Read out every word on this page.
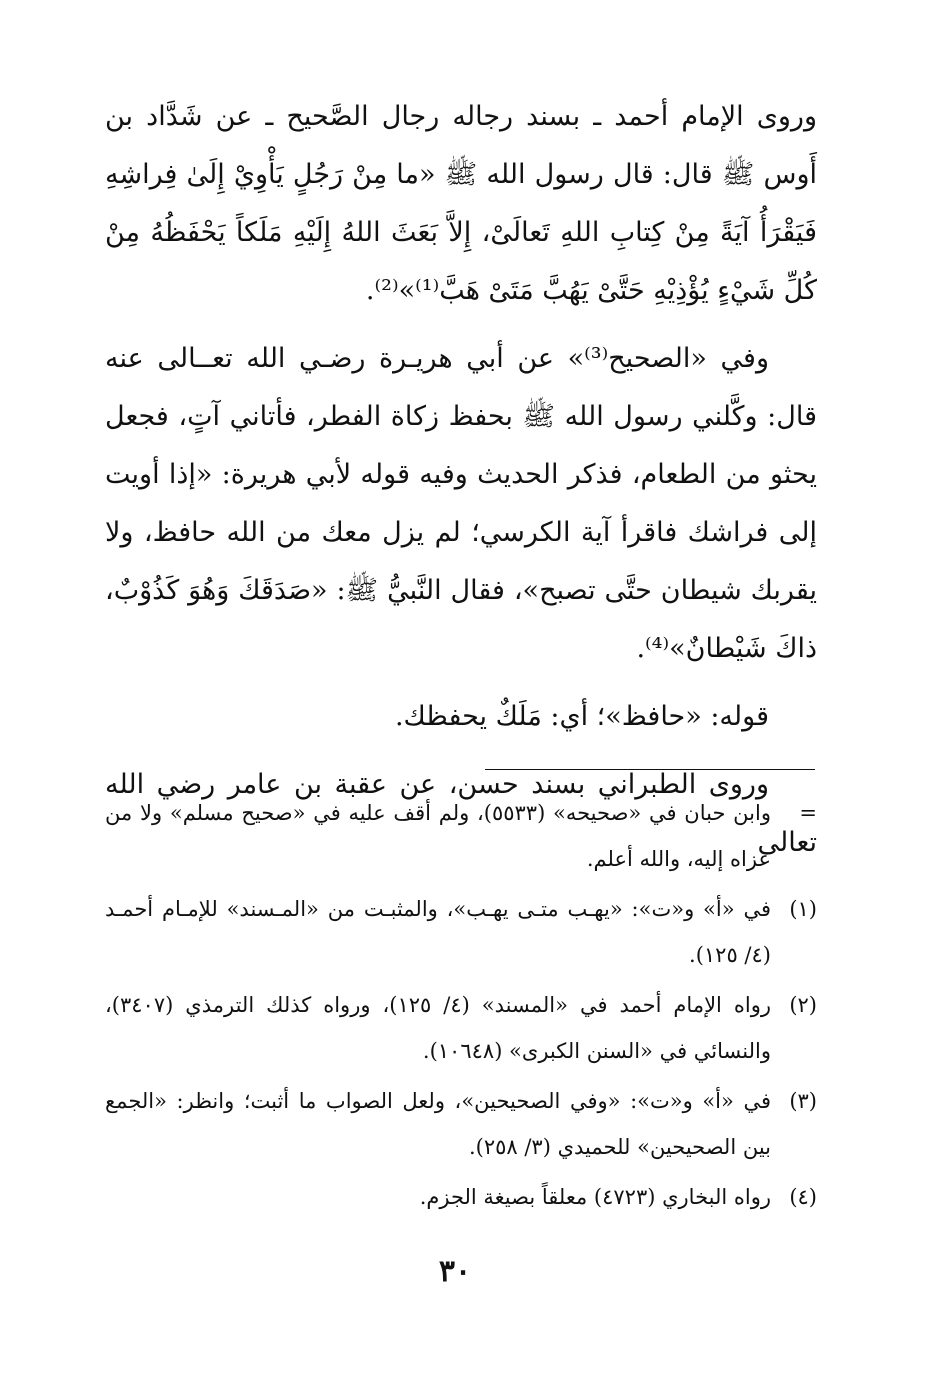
وروى الإمام أحمد ـ بسند رجاله رجال الصَّحيح ـ عن شَدَّاد بن أَوس ﷺ قال: قال رسول الله ﷺ «ما مِنْ رَجُلٍ يَأْوِيْ إِلَىٰ فِراشِهِ فَيَقْرَأُ آيَةً مِنْ كِتابِ اللهِ تَعالَىْ، إِلاَّ بَعَثَ اللهُ إِلَيْهِ مَلَكاً يَحْفَظُهُ مِنْ كُلِّ شَيْءٍ يُؤْذِيْهِ حَتَّىْ يَهُبَّ مَتَىْ هَبَّ⁽¹⁾»⁽²⁾.

وفي «الصحيح⁽³⁾» عن أبي هريـرة رضـي الله تعــالى عنه قال: وكَّلني رسول الله ﷺ بحفظ زكاة الفطر، فأتاني آتٍ، فجعل يحثو من الطعام، فذكر الحديث وفيه قوله لأبي هريرة: «إذا أويت إلى فراشك فاقرأ آية الكرسي؛ لم يزل معك من الله حافظ، ولا يقربك شيطان حتَّى تصبح»، فقال النَّبيُّ ﷺ: «صَدَقَكَ وَهُوَ كَذُوْبٌ، ذاكَ شَيْطانٌ»⁽⁴⁾.

قوله: «حافظ»؛ أي: مَلَكٌ يحفظك.

وروى الطبراني بسند حسن، عن عقبة بن عامر رضي الله تعالى

=
وابن حبان في «صحيحه» (٥٥٣٣)، ولم أقف عليه في «صحيح مسلم» ولا من عزاه إليه، والله أعلم.
(١)
في «أ» و«ت»: «يهـب متـى يهـب»، والمثبـت من «المـسند» للإمـام أحمـد (٤/ ١٢٥).
(٢)
رواه الإمام أحمد في «المسند» (٤/ ١٢٥)، ورواه كذلك الترمذي (٣٤٠٧)، والنسائي في «السنن الكبرى» (١٠٦٤٨).
(٣)
في «أ» و«ت»: «وفي الصحيحين»، ولعل الصواب ما أثبت؛ وانظر: «الجمع بين الصحيحين» للحميدي (٣/ ٢٥٨).
(٤)
رواه البخاري (٤٧٢٣) معلقاً بصيغة الجزم.
٣٠
